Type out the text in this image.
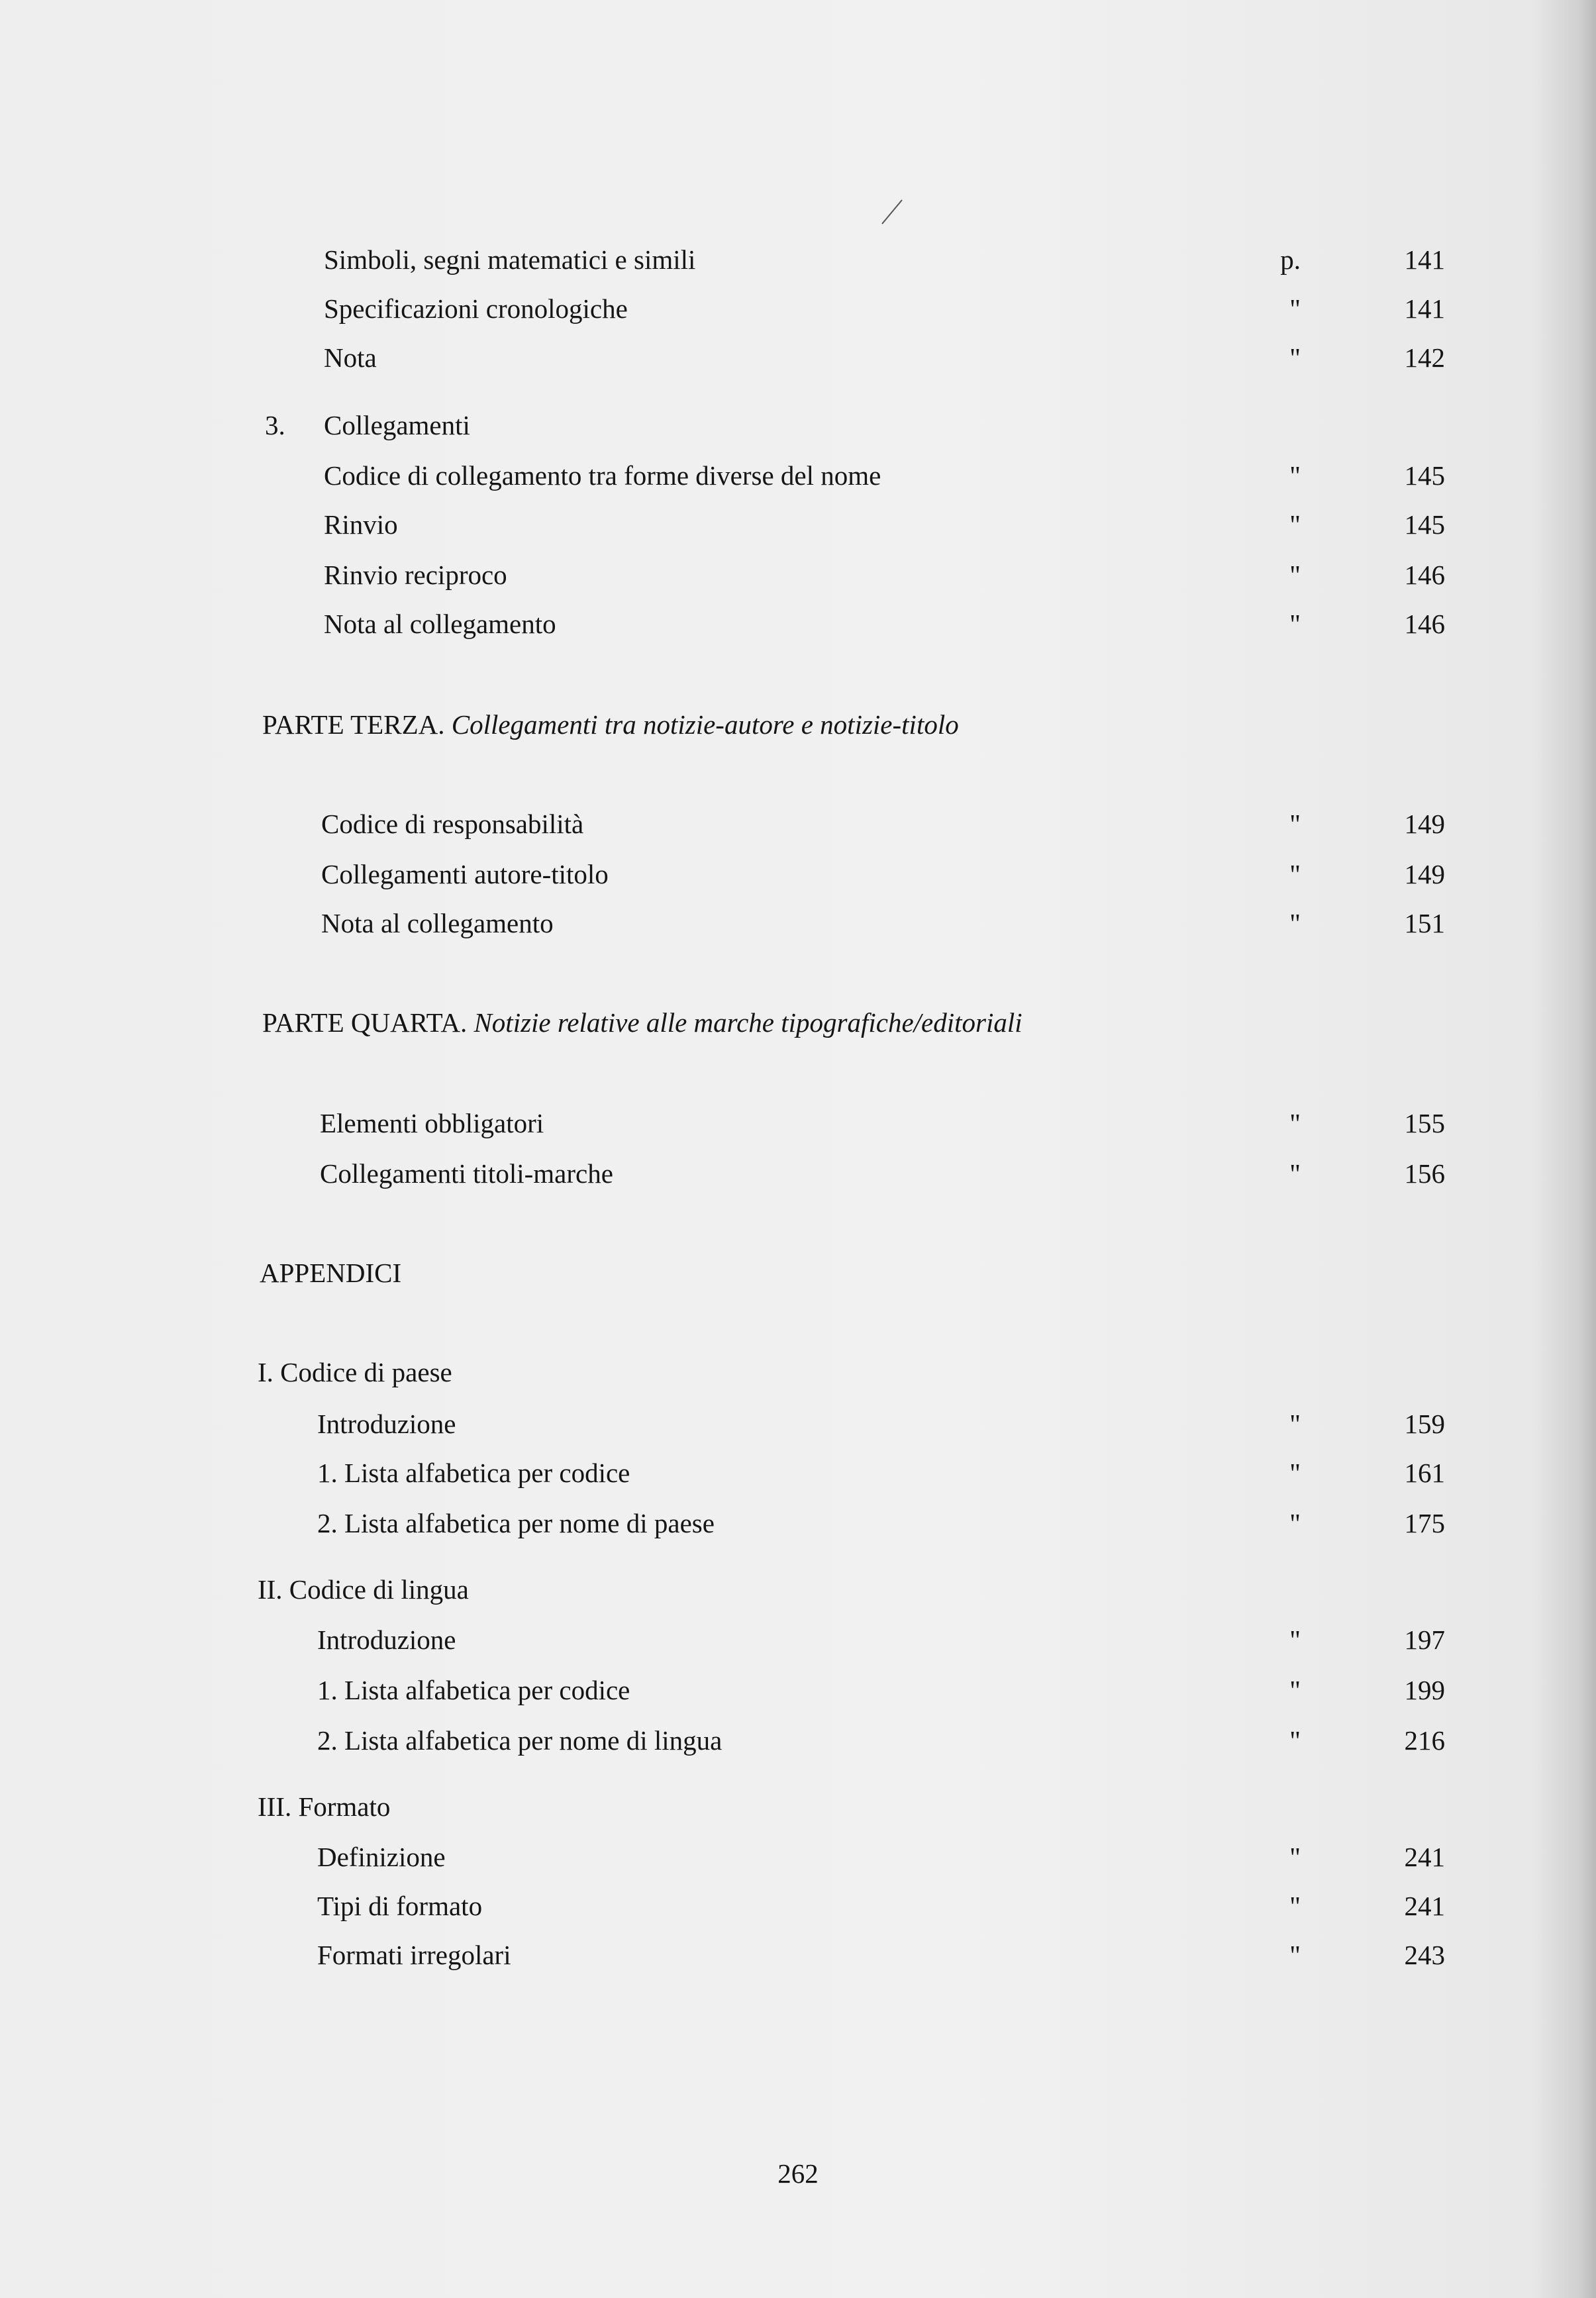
Simboli, segni matematici e simili	p.	141
Specificazioni cronologiche	"	141
Nota	"	142
3. Collegamenti
Codice di collegamento tra forme diverse del nome	"	145
Rinvio	"	145
Rinvio reciproco	"	146
Nota al collegamento	"	146
PARTE TERZA. Collegamenti tra notizie-autore e notizie-titolo
Codice di responsabilità	"	149
Collegamenti autore-titolo	"	149
Nota al collegamento	"	151
PARTE QUARTA. Notizie relative alle marche tipografiche/editoriali
Elementi obbligatori	"	155
Collegamenti titoli-marche	"	156
APPENDICI
I. Codice di paese
Introduzione	"	159
1. Lista alfabetica per codice	"	161
2. Lista alfabetica per nome di paese	"	175
II. Codice di lingua
Introduzione	"	197
1. Lista alfabetica per codice	"	199
2. Lista alfabetica per nome di lingua	"	216
III. Formato
Definizione	"	241
Tipi di formato	"	241
Formati irregolari	"	243
262
